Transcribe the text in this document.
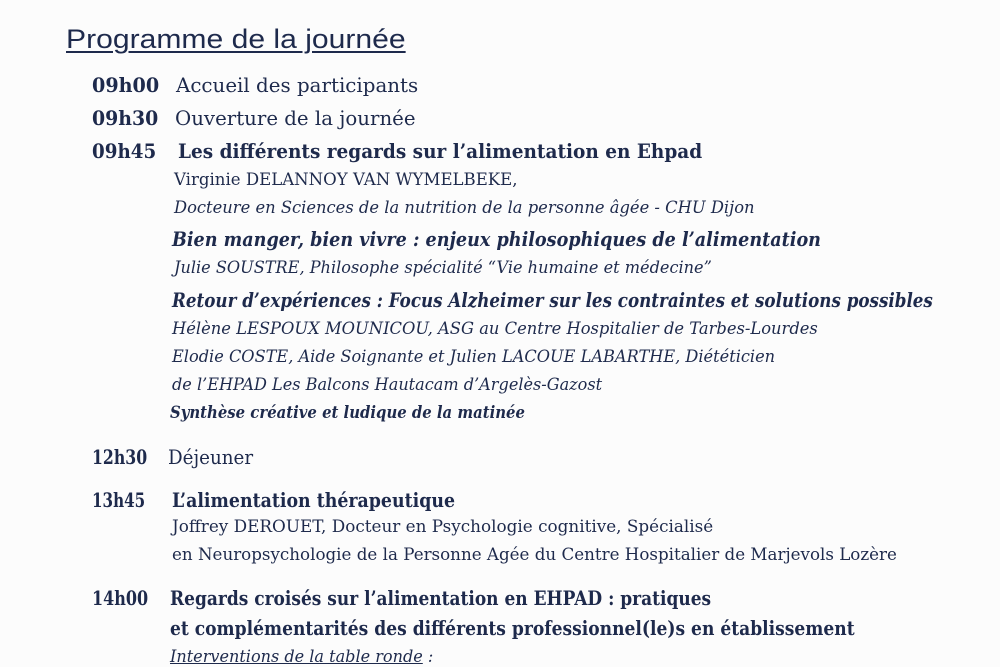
Programme de la journée
09h00 Accueil des participants
09h30 Ouverture de la journée
09h45 Les différents regards sur l’alimentation en Ehpad
Virginie DELANNOY VAN WYMELBEKE,
Docteure en Sciences de la nutrition de la personne âgée - CHU Dijon
Bien manger, bien vivre : enjeux philosophiques de l’alimentation
Julie SOUSTRE, Philosophe spécialité “Vie humaine et médecine”
Retour d’expériences : Focus Alzheimer sur les contraintes et solutions possibles
Hélène LESPOUX MOUNICOU, ASG au Centre Hospitalier de Tarbes-Lourdes
Elodie COSTE, Aide Soignante et Julien LACOUE LABARTHE, Diététicien
de l’EHPAD Les Balcons Hautacam d’Argelès-Gazost
Synthèse créative et ludique de la matinée
12h30 Déjeuner
13h45 L’alimentation thérapeutique
Joffrey DEROUET, Docteur en Psychologie cognitive, Spécialisé
en Neuropsychologie de la Personne Agée du Centre Hospitalier de Marjevols Lozère
14h00 Regards croisés sur l’alimentation en EHPAD : pratiques
et complémentarités des différents professionnel(le)s en établissement
Interventions de la table ronde :
